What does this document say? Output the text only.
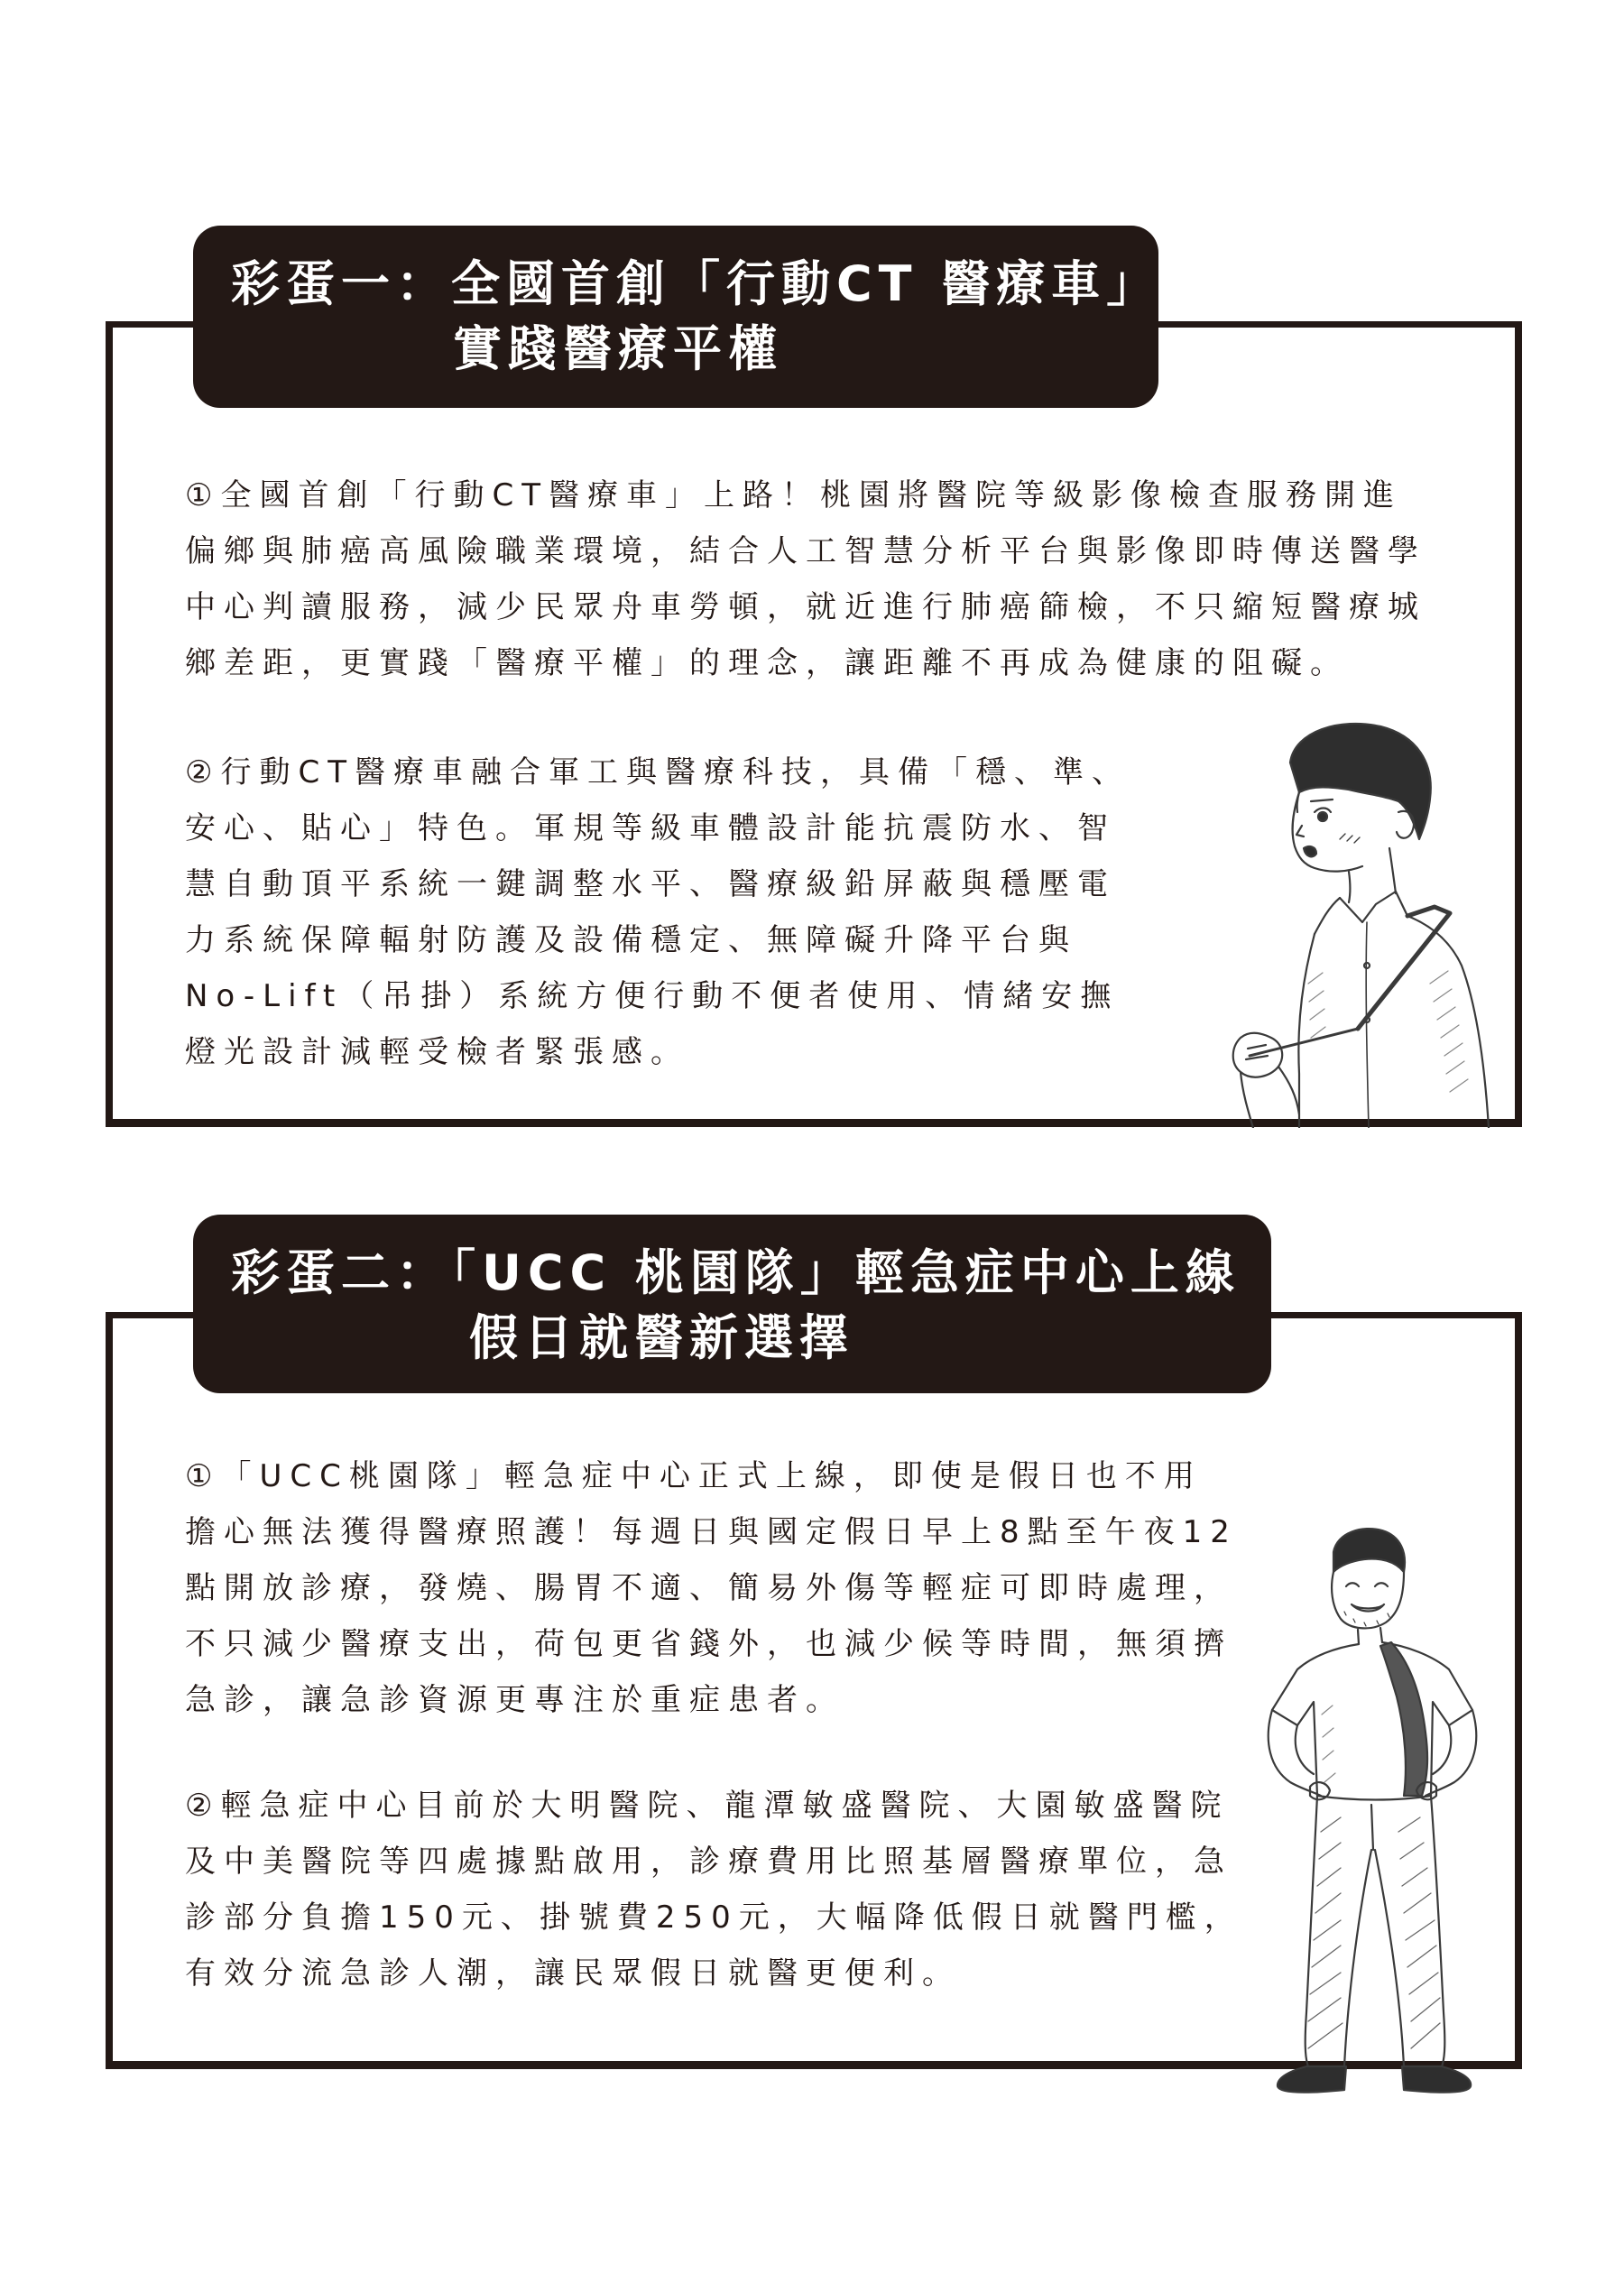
彩蛋一：全國首創「行動CT 醫療車」
實踐醫療平權

①全國首創「行動CT醫療車」上路！桃園將醫院等級影像檢查服務開進
偏鄉與肺癌高風險職業環境，結合人工智慧分析平台與影像即時傳送醫學
中心判讀服務，減少民眾舟車勞頓，就近進行肺癌篩檢，不只縮短醫療城
鄉差距，更實踐「醫療平權」的理念，讓距離不再成為健康的阻礙。

②行動CT醫療車融合軍工與醫療科技，具備「穩、準、
安心、貼心」特色。軍規等級車體設計能抗震防水、智
慧自動頂平系統一鍵調整水平、醫療級鉛屏蔽與穩壓電
力系統保障輻射防護及設備穩定、無障礙升降平台與
No-Lift（吊掛）系統方便行動不便者使用、情緒安撫
燈光設計減輕受檢者緊張感。

彩蛋二：「UCC 桃園隊」輕急症中心上線
假日就醫新選擇

①「UCC桃園隊」輕急症中心正式上線，即使是假日也不用
擔心無法獲得醫療照護！每週日與國定假日早上8點至午夜12
點開放診療，發燒、腸胃不適、簡易外傷等輕症可即時處理，
不只減少醫療支出，荷包更省錢外，也減少候等時間，無須擠
急診，讓急診資源更專注於重症患者。

②輕急症中心目前於大明醫院、龍潭敏盛醫院、大園敏盛醫院
及中美醫院等四處據點啟用，診療費用比照基層醫療單位，急
診部分負擔150元、掛號費250元，大幅降低假日就醫門檻，
有效分流急診人潮，讓民眾假日就醫更便利。
